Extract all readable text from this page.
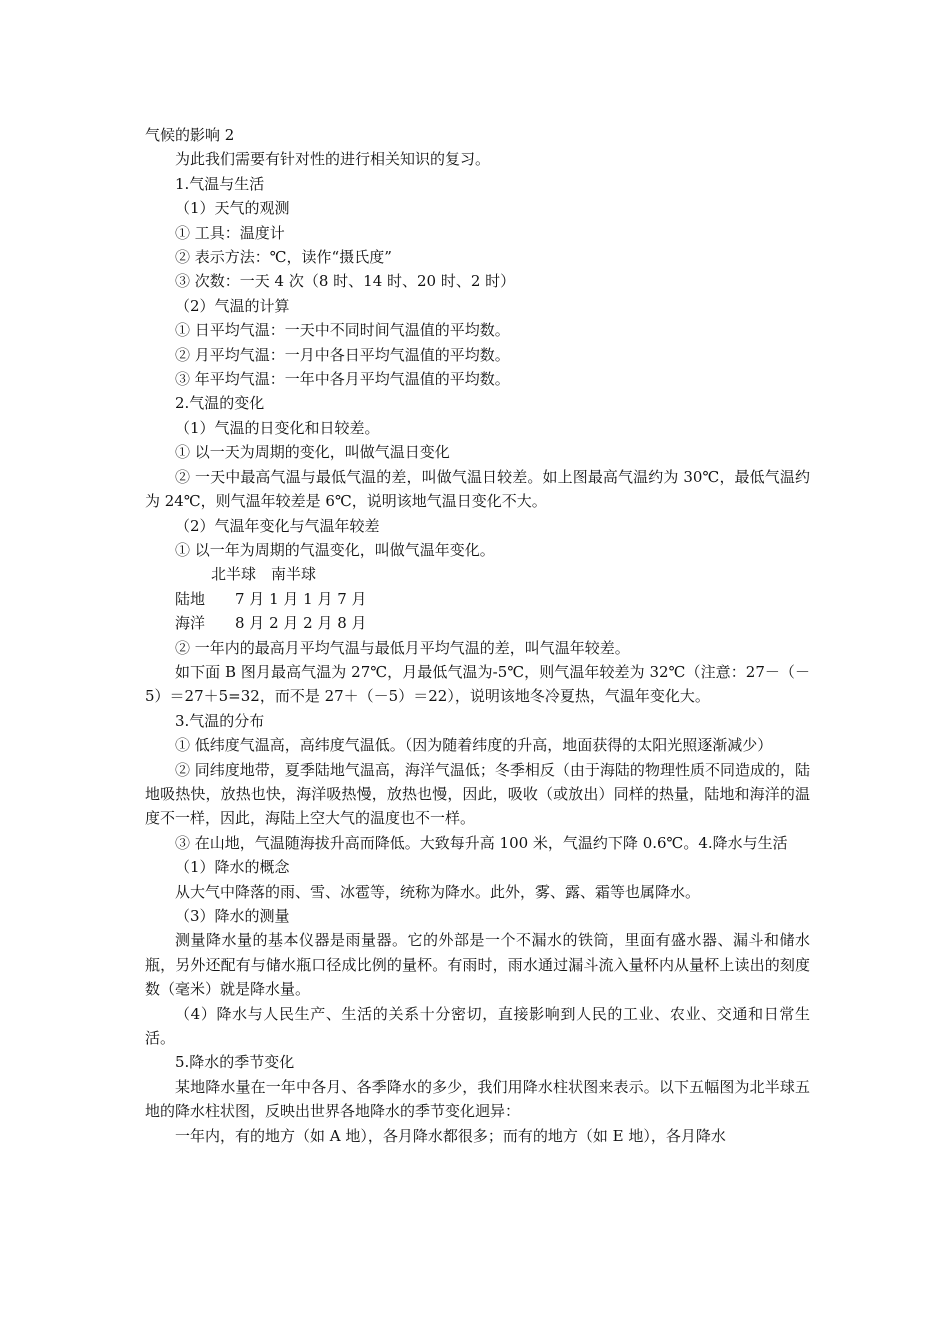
气候的影响 2

为此我们需要有针对性的进行相关知识的复习。

1.气温与生活

（1）天气的观测

① 工具：温度计

② 表示方法：℃，读作“摄氏度”

③ 次数：一天 4 次（8 时、14 时、20 时、2 时）

（2）气温的计算

① 日平均气温：一天中不同时间气温值的平均数。

② 月平均气温：一月中各日平均气温值的平均数。

③ 年平均气温：一年中各月平均气温值的平均数。

2.气温的变化

（1）气温的日变化和日较差。

① 以一天为周期的变化，叫做气温日变化

② 一天中最高气温与最低气温的差，叫做气温日较差。如上图最高气温约为 30℃，最低气温约为 24℃，则气温年较差是 6℃，说明该地气温日变化不大。

（2）气温年变化与气温年较差

① 以一年为周期的气温变化，叫做气温年变化。

北半球　南半球

陆地　　7 月 1 月 1 月 7 月

海洋　　8 月 2 月 2 月 8 月

② 一年内的最高月平均气温与最低月平均气温的差，叫气温年较差。

如下面 B 图月最高气温为 27℃，月最低气温为-5℃，则气温年较差为 32℃（注意：27－（－5）＝27＋5=32，而不是 27＋（－5）＝22），说明该地冬冷夏热，气温年变化大。

3.气温的分布

① 低纬度气温高，高纬度气温低。（因为随着纬度的升高，地面获得的太阳光照逐渐减少）

② 同纬度地带，夏季陆地气温高，海洋气温低；冬季相反（由于海陆的物理性质不同造成的，陆地吸热快，放热也快，海洋吸热慢，放热也慢，因此，吸收（或放出）同样的热量，陆地和海洋的温度不一样，因此，海陆上空大气的温度也不一样。

③ 在山地，气温随海拔升高而降低。大致每升高 100 米，气温约下降 0.6℃。4.降水与生活

（1）降水的概念

从大气中降落的雨、雪、冰雹等，统称为降水。此外，雾、露、霜等也属降水。

（3）降水的测量

测量降水量的基本仪器是雨量器。它的外部是一个不漏水的铁筒，里面有盛水器、漏斗和储水瓶，另外还配有与储水瓶口径成比例的量杯。有雨时，雨水通过漏斗流入量杯内从量杯上读出的刻度数（毫米）就是降水量。

（4）降水与人民生产、生活的关系十分密切，直接影响到人民的工业、农业、交通和日常生活。

5.降水的季节变化

某地降水量在一年中各月、各季降水的多少，我们用降水柱状图来表示。以下五幅图为北半球五地的降水柱状图，反映出世界各地降水的季节变化迥异：

一年内，有的地方（如 A 地），各月降水都很多；而有的地方（如 E 地），各月降水
